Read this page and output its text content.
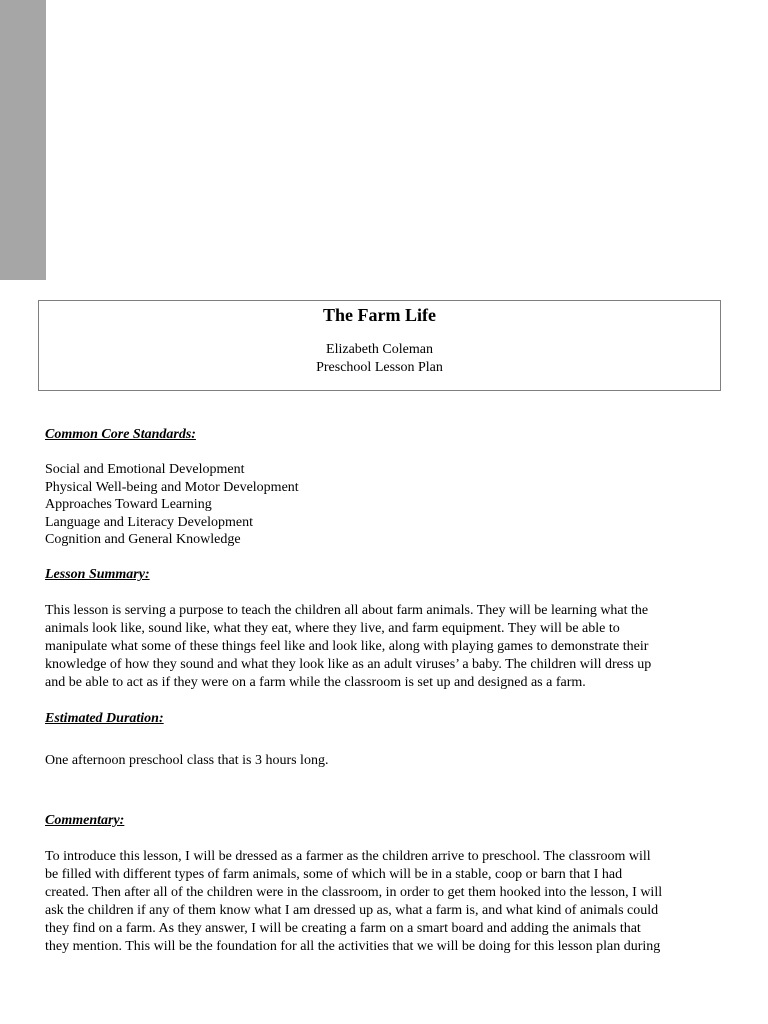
The Farm Life

Elizabeth Coleman

Preschool Lesson Plan

Common Core Standards:

Social and Emotional Development

Physical Well-being and Motor Development

Approaches Toward Learning

Language and Literacy Development

Cognition and General Knowledge

Lesson Summary:

This lesson is serving a purpose to teach the children all about farm animals. They will be learning what the

animals look like, sound like, what they eat, where they live, and farm equipment. They will be able to

manipulate what some of these things feel like and look like, along with playing games to demonstrate their

knowledge of how they sound and what they look like as an adult viruses’ a baby. The children will dress up

and be able to act as if they were on a farm while the classroom is set up and designed as a farm.

Estimated Duration:

One afternoon preschool class that is 3 hours long.

Commentary:

To introduce this lesson, I will be dressed as a farmer as the children arrive to preschool. The classroom will

be filled with different types of farm animals, some of which will be in a stable, coop or barn that I had

created. Then after all of the children were in the classroom, in order to get them hooked into the lesson, I will

ask the children if any of them know what I am dressed up as, what a farm is, and what kind of animals could

they find on a farm. As they answer, I will be creating a farm on a smart board and adding the animals that

they mention. This will be the foundation for all the activities that we will be doing for this lesson plan during
